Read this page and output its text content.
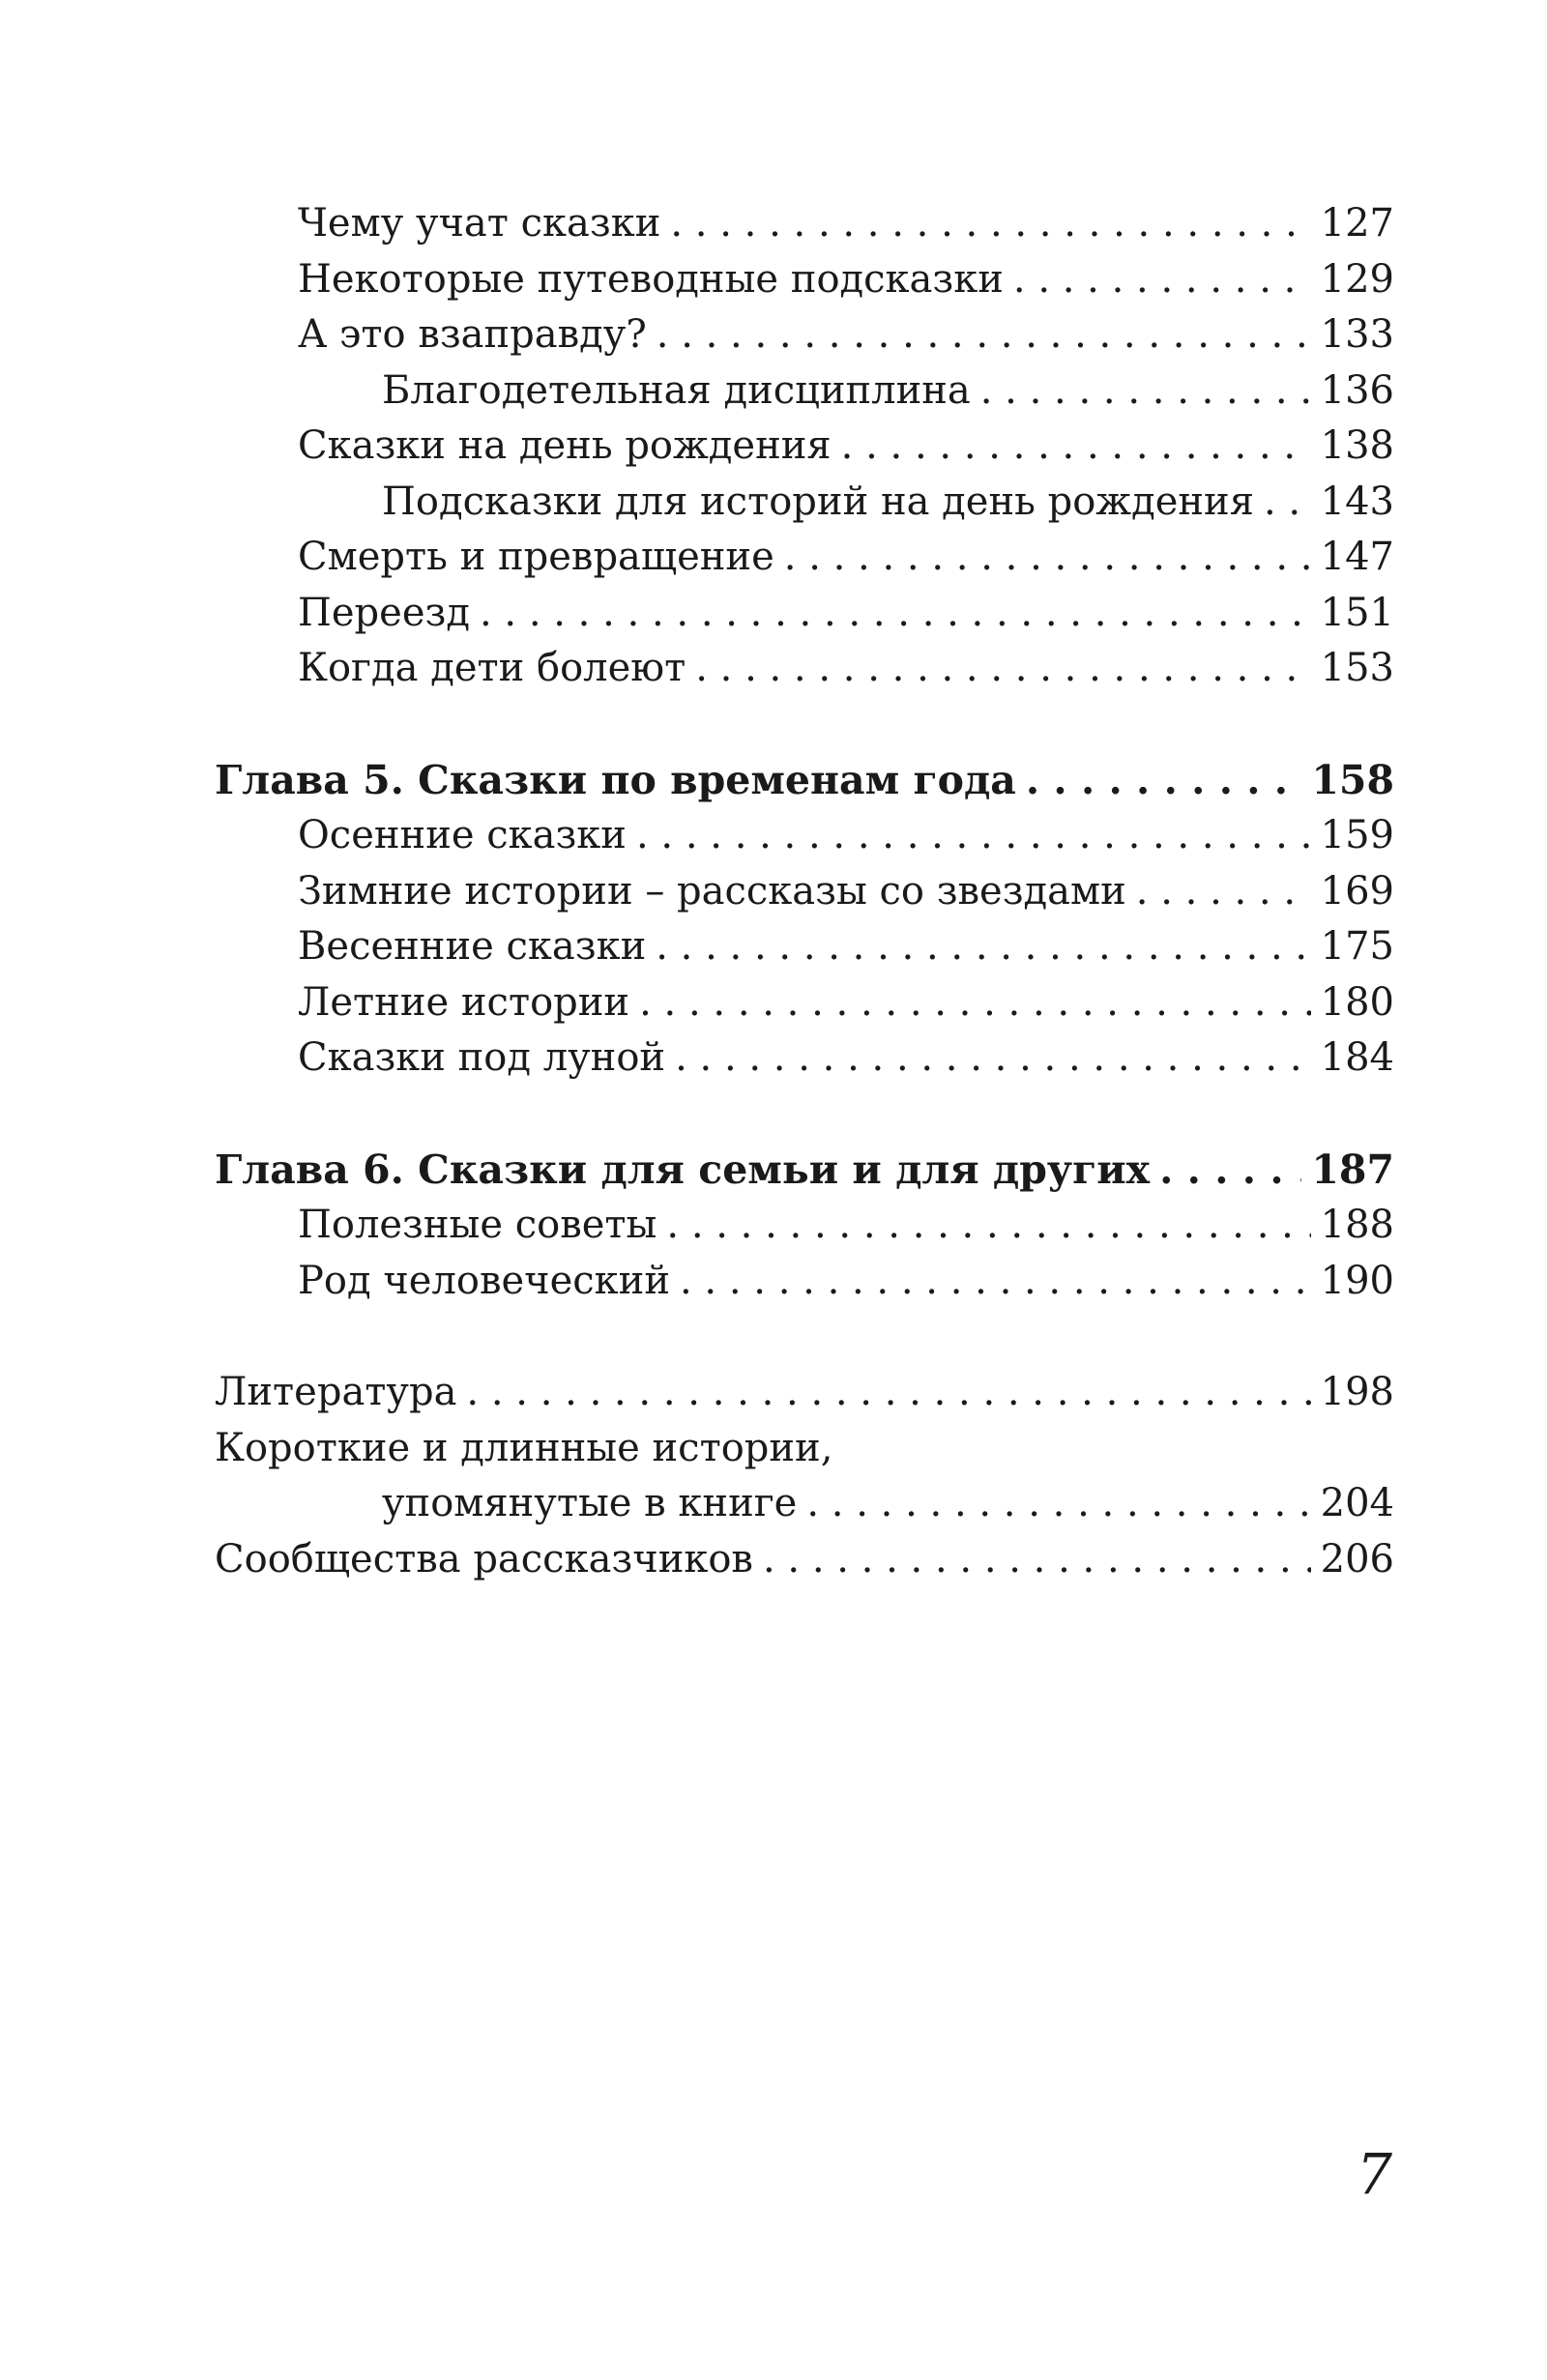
Чему учат сказки . . .	127
Некоторые путеводные подсказки . . .	129
А это взаправду? . . .	133
Благодетельная дисциплина . . .	136
Сказки на день рождения . . .	138
Подсказки для историй на день рождения . . . 143
Смерть и превращение . . .	147
Переезд . . .	151
Когда дети болеют . . .	153
Глава 5. Сказки по временам года . . .	158
Осенние сказки . . .	159
Зимние истории – рассказы со звездами . . .	169
Весенние сказки . . .	175
Летние истории . . .	180
Сказки под луной . . .	184
Глава 6. Сказки для семьи и для других . . .	187
Полезные советы . . .	188
Род человеческий . . .	190
Литература . . .	198
Короткие и длинные истории,
упомянутые в книге . . .	204
Сообщества рассказчиков . . .	206
7
